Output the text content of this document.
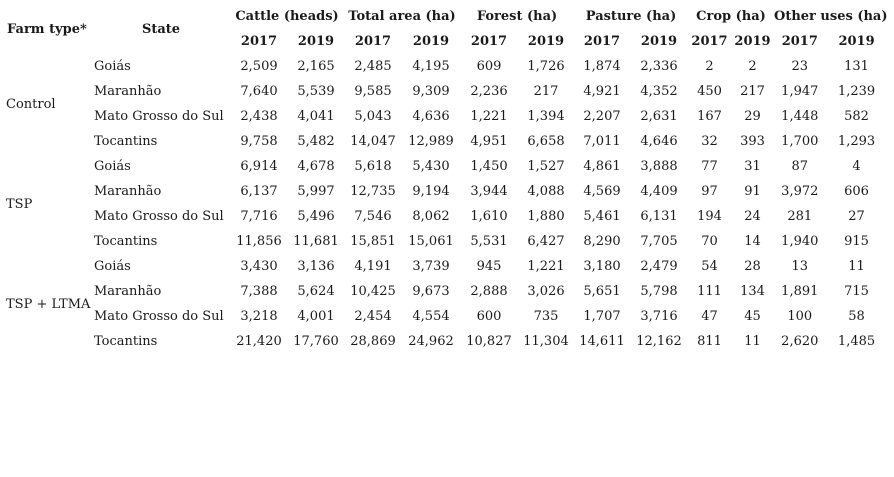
Farm type*	State	Cattle (heads)		Total area (ha)		Forest (ha)		Pasture (ha)		Crop (ha)		Other uses (ha)	
		2017	2019	2017	2019	2017	2019	2017	2019	2017	2019	2017	2019
Control	Goiás	2,509	2,165	2,485	4,195	609	1,726	1,874	2,336	2	2	23	131
	Maranhão	7,640	5,539	9,585	9,309	2,236	217	4,921	4,352	450	217	1,947	1,239
	Mato Grosso do Sul	2,438	4,041	5,043	4,636	1,221	1,394	2,207	2,631	167	29	1,448	582
	Tocantins	9,758	5,482	14,047	12,989	4,951	6,658	7,011	4,646	32	393	1,700	1,293
TSP	Goiás	6,914	4,678	5,618	5,430	1,450	1,527	4,861	3,888	77	31	87	4
	Maranhão	6,137	5,997	12,735	9,194	3,944	4,088	4,569	4,409	97	91	3,972	606
	Mato Grosso do Sul	7,716	5,496	7,546	8,062	1,610	1,880	5,461	6,131	194	24	281	27
	Tocantins	11,856	11,681	15,851	15,061	5,531	6,427	8,290	7,705	70	14	1,940	915
TSP + LTMA	Goiás	3,430	3,136	4,191	3,739	945	1,221	3,180	2,479	54	28	13	11
	Maranhão	7,388	5,624	10,425	9,673	2,888	3,026	5,651	5,798	111	134	1,891	715
	Mato Grosso do Sul	3,218	4,001	2,454	4,554	600	735	1,707	3,716	47	45	100	58
	Tocantins	21,420	17,760	28,869	24,962	10,827	11,304	14,611	12,162	811	11	2,620	1,485
